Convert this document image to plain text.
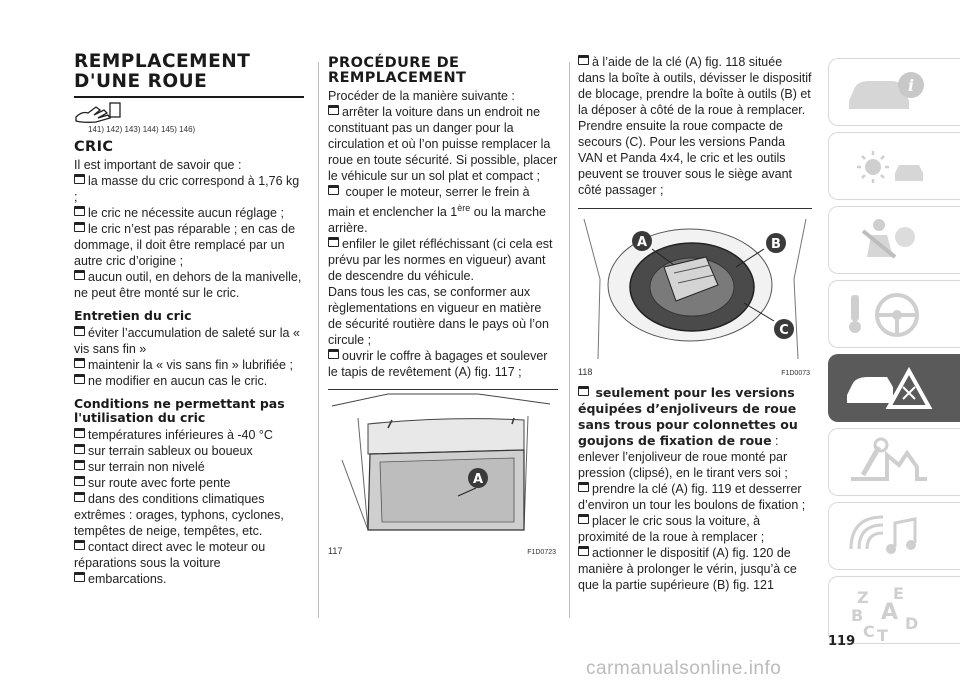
REMPLACEMENT
D'UNE ROUE
141) 142) 143) 144) 145) 146)
CRIC

Il est important de savoir que :

la masse du cric correspond à 1,76 kg ;

le cric ne nécessite aucun réglage ;

le cric n’est pas réparable ; en cas de dommage, il doit être remplacé par un autre cric d’origine ;

aucun outil, en dehors de la manivelle, ne peut être monté sur le cric.

Entretien du cric

éviter l’accumulation de saleté sur la « vis sans fin »

maintenir la « vis sans fin » lubrifiée ;

ne modifier en aucun cas le cric.

Conditions ne permettant pas
l'utilisation du cric

températures inférieures à -40 °C

sur terrain sableux ou boueux

sur terrain non nivelé

sur route avec forte pente

dans des conditions climatiques extrêmes : orages, typhons, cyclones, tempêtes de neige, tempêtes, etc.

contact direct avec le moteur ou réparations sous la voiture

embarcations.

PROCÉDURE DE
REMPLACEMENT

Procéder de la manière suivante :

arrêter la voiture dans un endroit ne constituant pas un danger pour la circulation et où l’on puisse remplacer la roue en toute sécurité. Si possible, placer le véhicule sur un sol plat et compact ;

couper le moteur, serrer le frein à main et enclencher la 1ère ou la marche arrière.

enfiler le gilet réfléchissant (ci cela est prévu par les normes en vigueur) avant de descendre du véhicule.

Dans tous les cas, se conformer aux règlementations en vigueur en matière de sécurité routière dans le pays où l’on circule ;

ouvrir le coffre à bagages et soulever le tapis de revêtement (A) fig. 117 ;

A
117	F1D0723

à l’aide de la clé (A) fig. 118 située dans la boîte à outils, dévisser le dispositif de blocage, prendre la boîte à outils (B) et la déposer à côté de la roue à remplacer. Prendre ensuite la roue compacte de secours (C). Pour les versions Panda VAN et Panda 4x4, le cric et les outils peuvent se trouver sous le siège avant côté passager ;

A	B
C
118	F1D0073

seulement pour les versions équipées d’enjoliveurs de roue sans trous pour colonnettes ou goujons de fixation de roue : enlever l’enjoliveur de roue monté par pression (clipsé), en le tirant vers soi ;

prendre la clé (A) fig. 119 et desserrer d’environ un tour les boulons de fixation ;

placer le cric sous la voiture, à proximité de la roue à remplacer ;

actionner le dispositif (A) fig. 120 de manière à prolonger le vérin, jusqu’à ce que la partie supérieure (B) fig. 121

i
Z E
B A
C T
D
119
carmanualsonline.info
